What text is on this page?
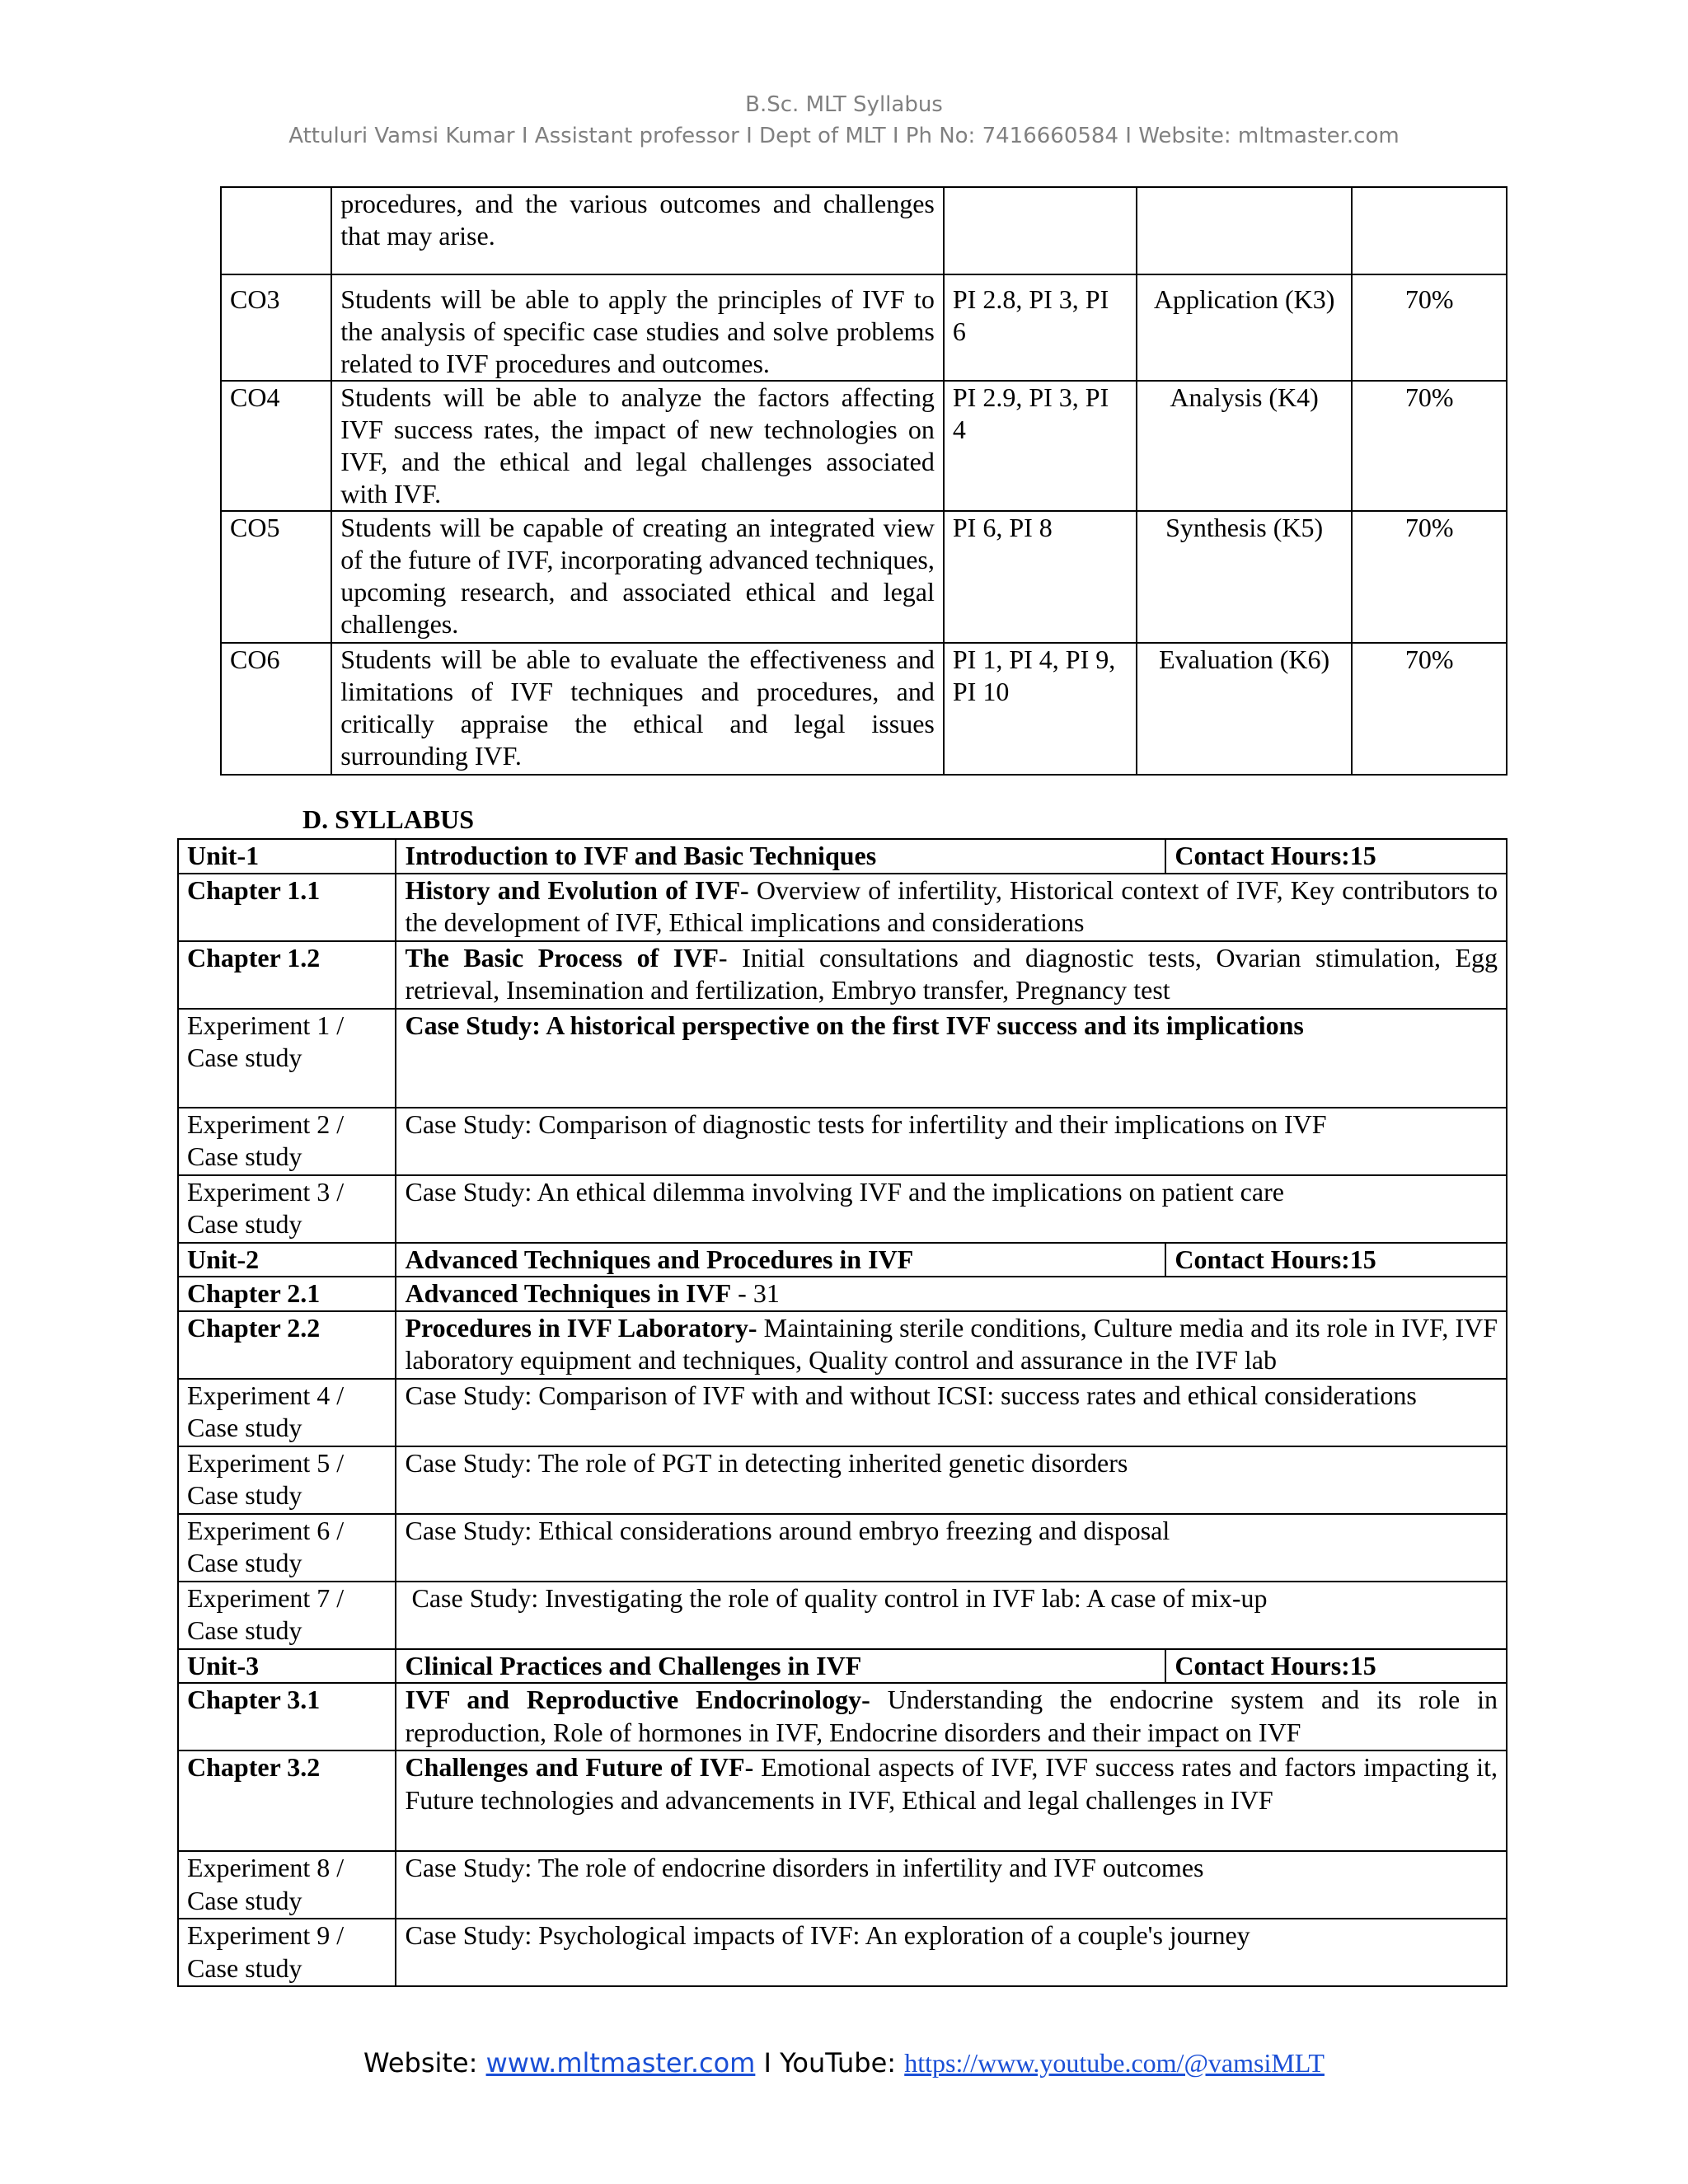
B.Sc. MLT Syllabus
Attuluri Vamsi Kumar I Assistant professor I Dept of MLT I Ph No: 7416660584 I Website: mltmaster.com
	procedures, and the various outcomes and challenges that may arise.			
CO3	Students will be able to apply the principles of IVF to the analysis of specific case studies and solve problems related to IVF procedures and outcomes.	PI 2.8, PI 3, PI 6	Application (K3)	70%
CO4	Students will be able to analyze the factors affecting IVF success rates, the impact of new technologies on IVF, and the ethical and legal challenges associated with IVF.	PI 2.9, PI 3, PI 4	Analysis (K4)	70%
CO5	Students will be capable of creating an integrated view of the future of IVF, incorporating advanced techniques, upcoming research, and associated ethical and legal challenges.	PI 6, PI 8	Synthesis (K5)	70%
CO6	Students will be able to evaluate the effectiveness and limitations of IVF techniques and procedures, and critically appraise the ethical and legal issues surrounding IVF.	PI 1, PI 4, PI 9, PI 10	Evaluation (K6)	70%
D. SYLLABUS
Unit-1	Introduction to IVF and Basic Techniques	Contact Hours:15
Chapter 1.1	History and Evolution of IVF- Overview of infertility, Historical context of IVF, Key contributors to the development of IVF, Ethical implications and considerations	
Chapter 1.2	The Basic Process of IVF- Initial consultations and diagnostic tests, Ovarian stimulation, Egg retrieval, Insemination and fertilization, Embryo transfer, Pregnancy test	
Experiment 1 / Case study	Case Study: A historical perspective on the first IVF success and its implications	
Experiment 2 / Case study	Case Study: Comparison of diagnostic tests for infertility and their implications on IVF	
Experiment 3 / Case study	Case Study: An ethical dilemma involving IVF and the implications on patient care	
Unit-2	Advanced Techniques and Procedures in IVF	Contact Hours:15
Chapter 2.1	Advanced Techniques in IVF - 31	
Chapter 2.2	Procedures in IVF Laboratory- Maintaining sterile conditions, Culture media and its role in IVF, IVF laboratory equipment and techniques, Quality control and assurance in the IVF lab	
Experiment 4 / Case study	Case Study: Comparison of IVF with and without ICSI: success rates and ethical considerations	
Experiment 5 / Case study	Case Study: The role of PGT in detecting inherited genetic disorders	
Experiment 6 / Case study	Case Study: Ethical considerations around embryo freezing and disposal	
Experiment 7 / Case study	Case Study: Investigating the role of quality control in IVF lab: A case of mix-up	
Unit-3	Clinical Practices and Challenges in IVF	Contact Hours:15
Chapter 3.1	IVF and Reproductive Endocrinology- Understanding the endocrine system and its role in reproduction, Role of hormones in IVF, Endocrine disorders and their impact on IVF	
Chapter 3.2	Challenges and Future of IVF- Emotional aspects of IVF, IVF success rates and factors impacting it, Future technologies and advancements in IVF, Ethical and legal challenges in IVF	
Experiment 8 / Case study	Case Study: The role of endocrine disorders in infertility and IVF outcomes	
Experiment 9 / Case study	Case Study: Psychological impacts of IVF: An exploration of a couple's journey	
Website: www.mltmaster.com I YouTube: https://www.youtube.com/@vamsiMLT
